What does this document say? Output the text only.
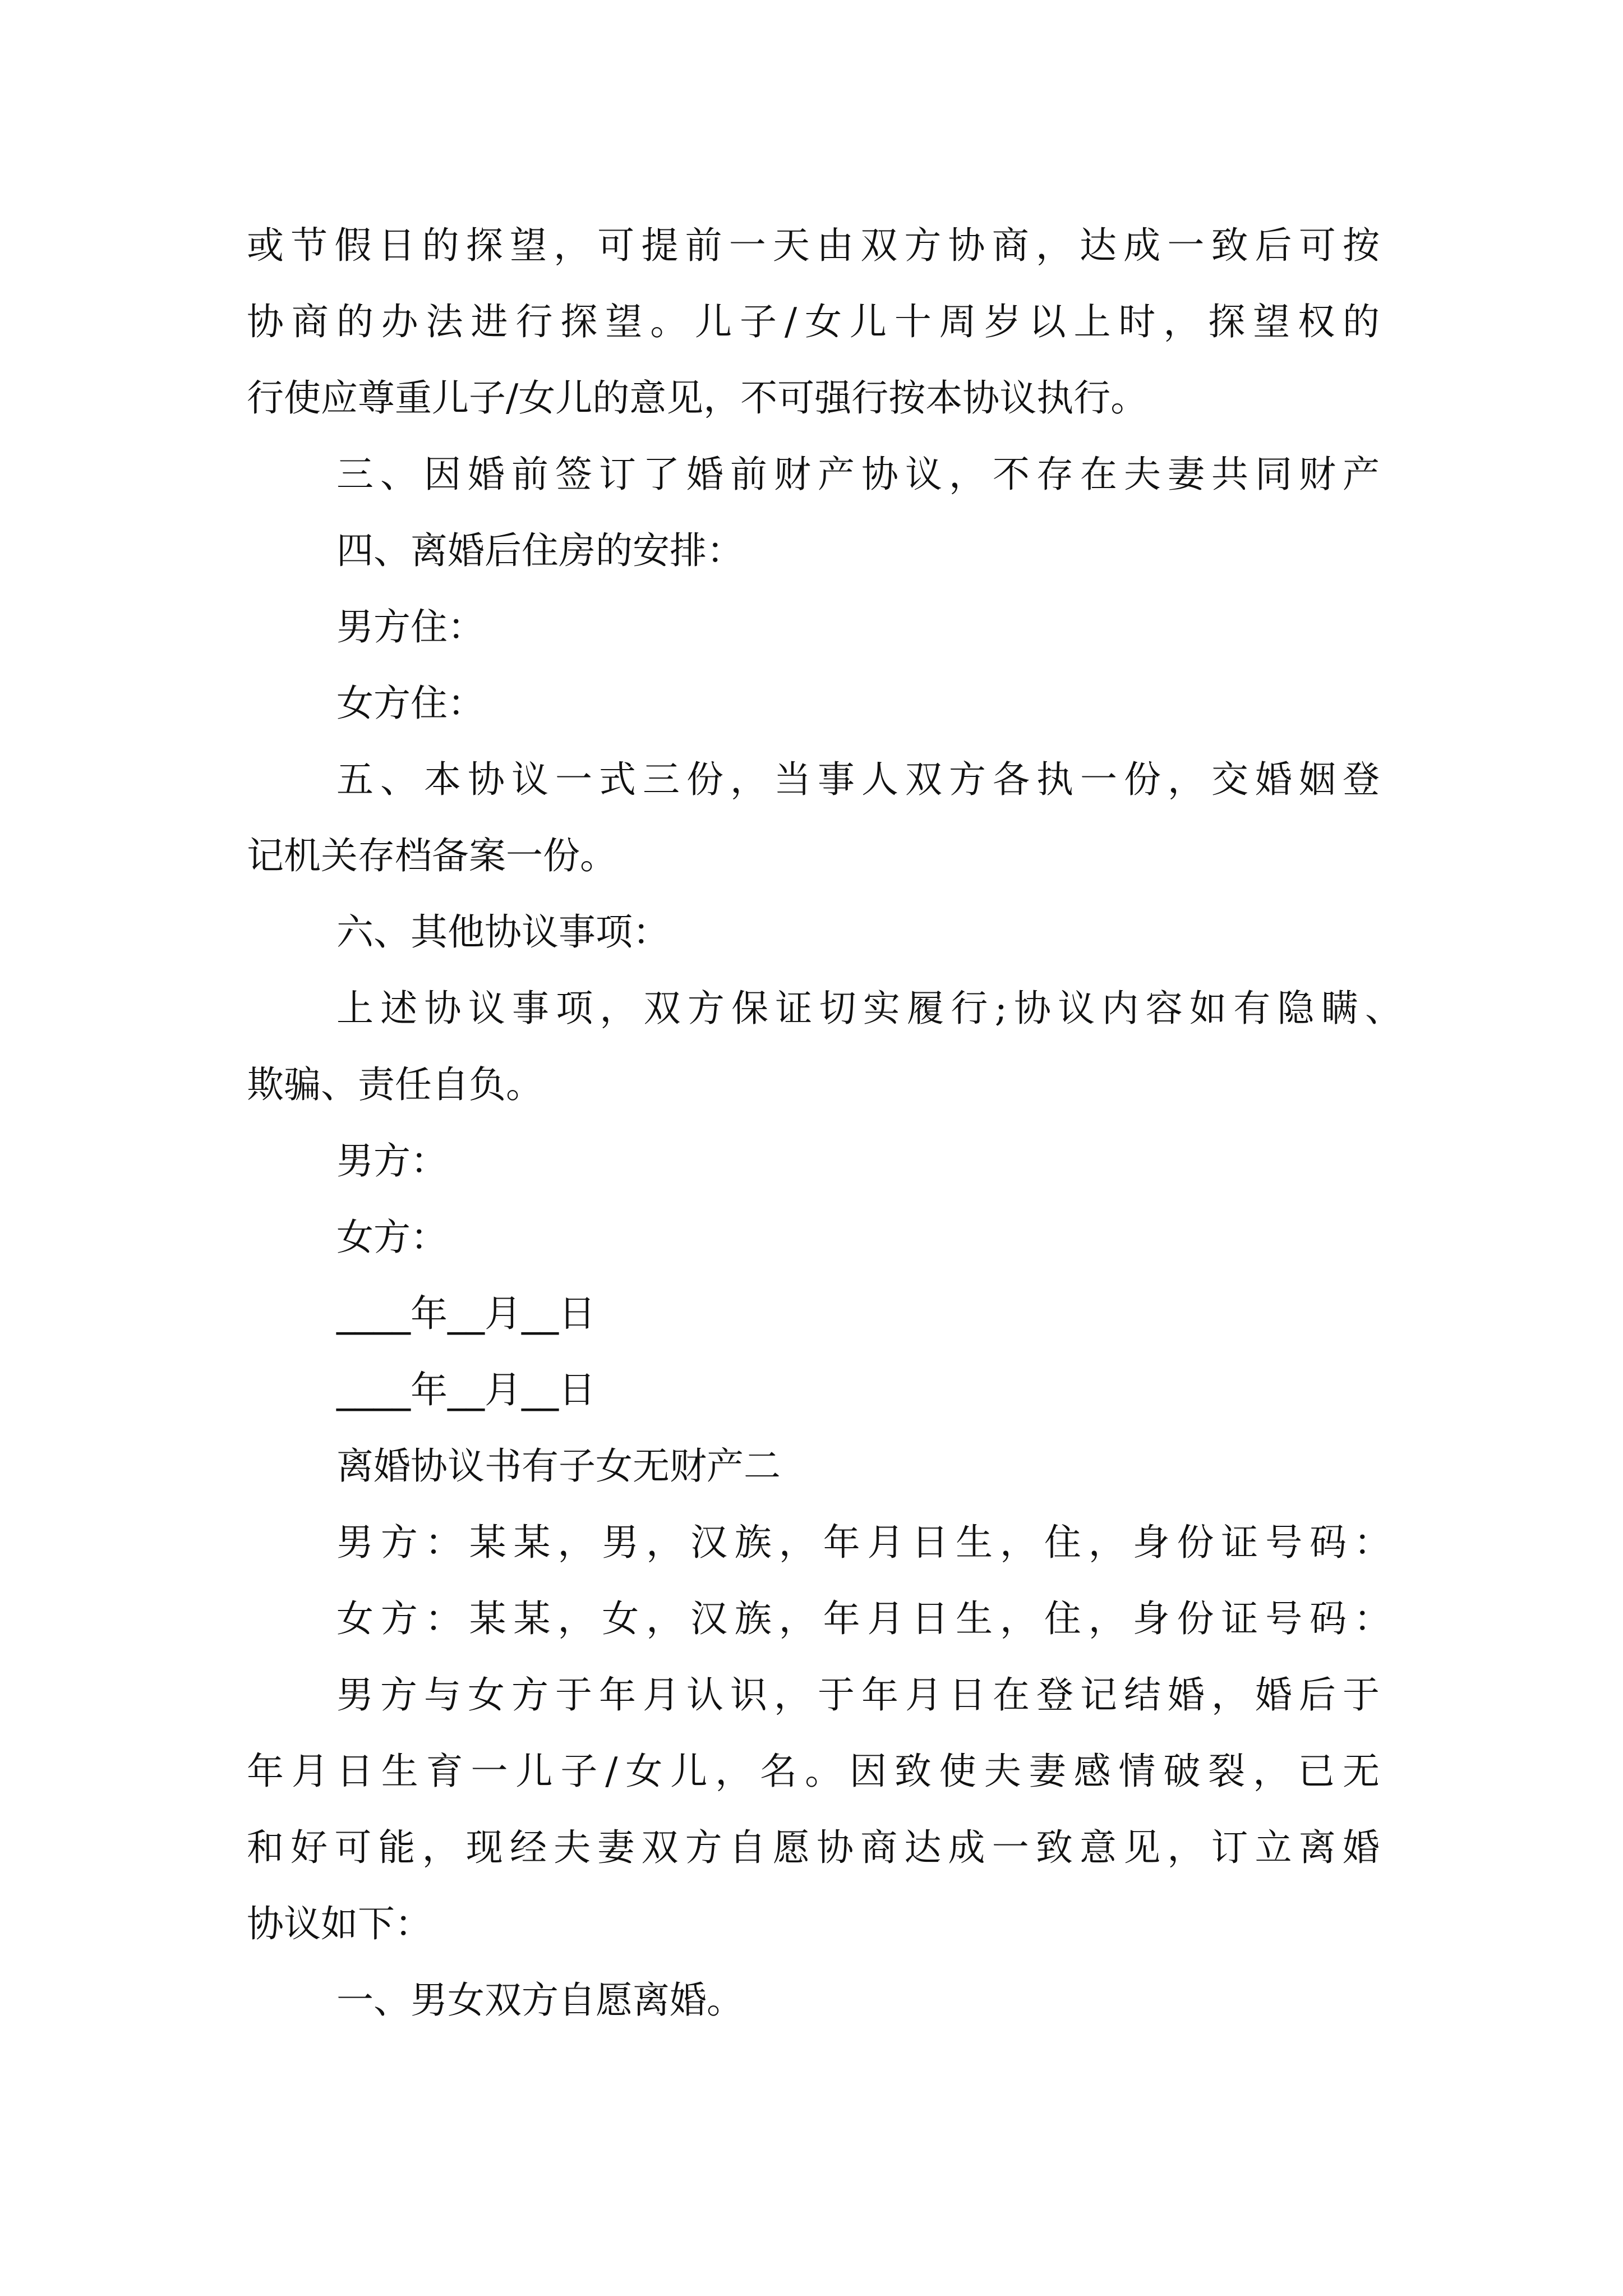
或节假日的探望，可提前一天由双方协商，达成一致后可按
协商的办法进行探望。儿子/女儿十周岁以上时，探望权的
行使应尊重儿子/女儿的意见，不可强行按本协议执行。
三、因婚前签订了婚前财产协议，不存在夫妻共同财产
四、离婚后住房的安排：
男方住：
女方住：
五、本协议一式三份，当事人双方各执一份，交婚姻登
记机关存档备案一份。
六、其他协议事项：
上述协议事项，双方保证切实履行;协议内容如有隐瞒、
欺骗、责任自负。
男方：
女方：
____年__月__日
____年__月__日
离婚协议书有子女无财产二
男方：某某，男，汉族，年月日生，住，身份证号码：
女方：某某，女，汉族，年月日生，住，身份证号码：
男方与女方于年月认识，于年月日在登记结婚，婚后于
年月日生育一儿子/女儿，名。因致使夫妻感情破裂，已无
和好可能，现经夫妻双方自愿协商达成一致意见，订立离婚
协议如下：
一、男女双方自愿离婚。
